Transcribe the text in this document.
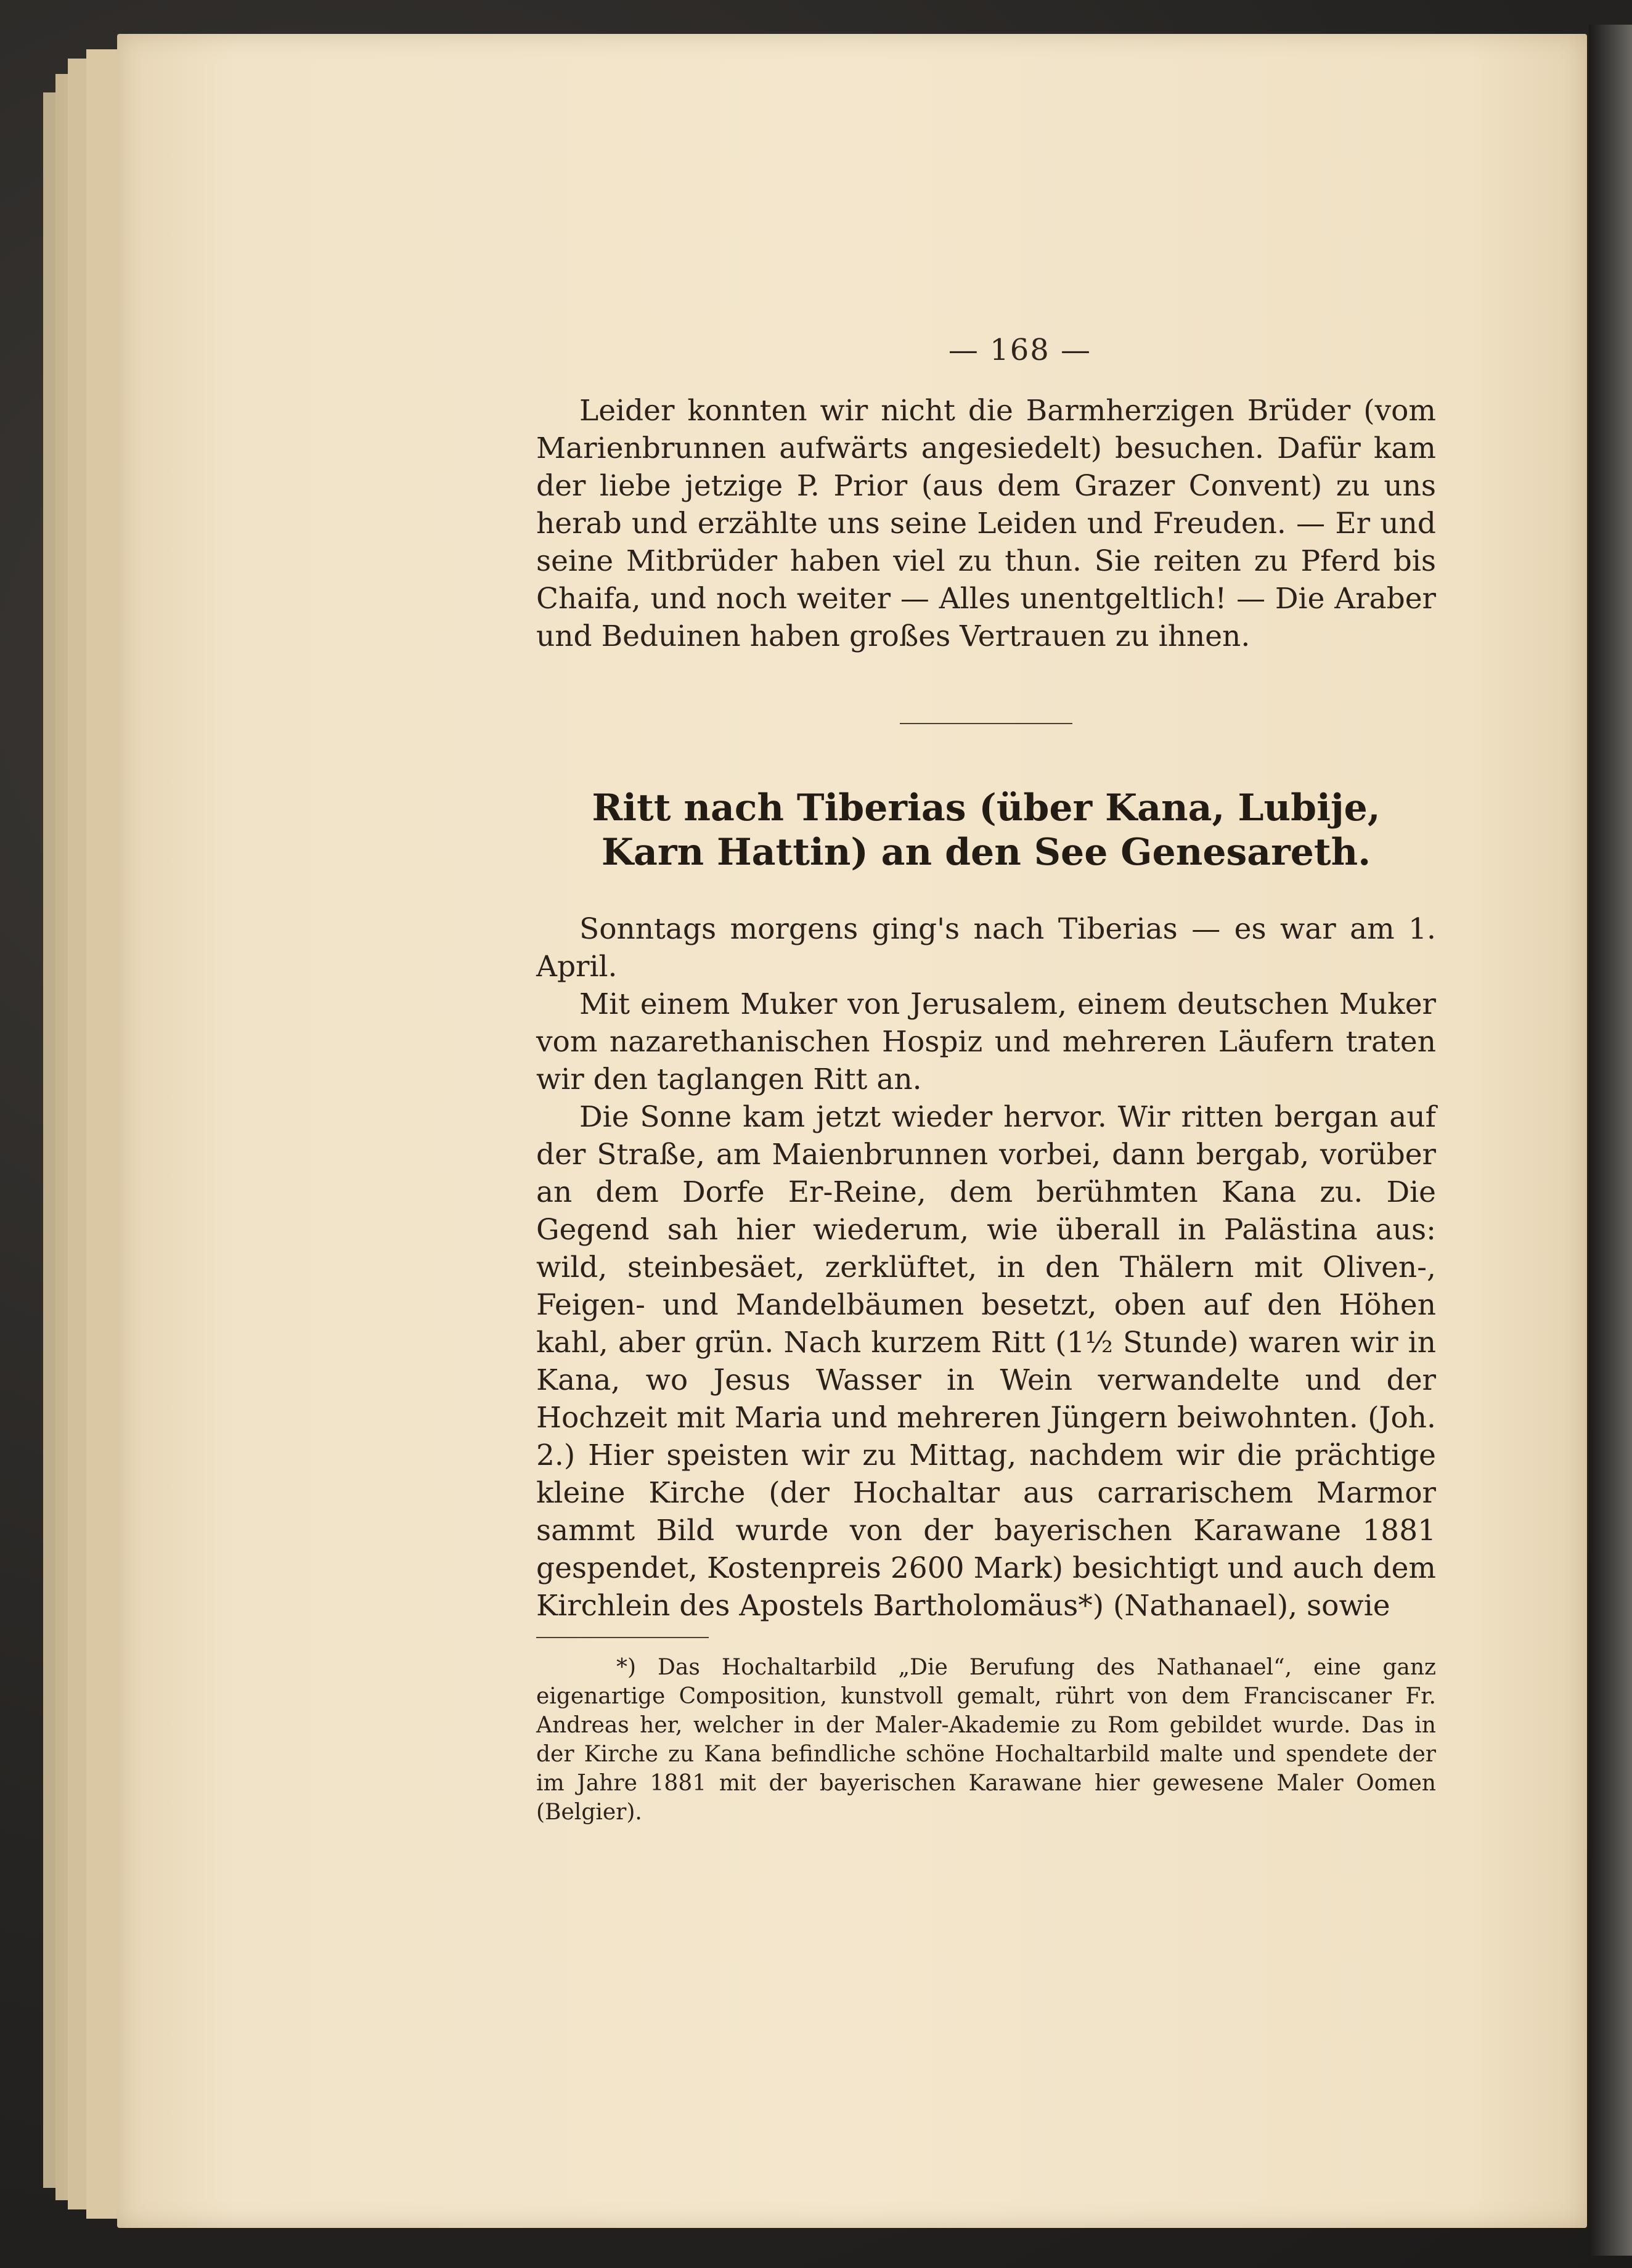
— 168 —

Leider konnten wir nicht die Barmherzigen Brüder (vom Marienbrunnen aufwärts angesiedelt) besuchen. Dafür kam der liebe jetzige P. Prior (aus dem Grazer Convent) zu uns herab und erzählte uns seine Leiden und Freuden. — Er und seine Mitbrüder haben viel zu thun. Sie reiten zu Pferd bis Chaifa, und noch weiter — Alles unentgeltlich! — Die Araber und Beduinen haben großes Vertrauen zu ihnen.

Ritt nach Tiberias (über Kana, Lubije, Karn Hattin) an den See Genesareth.

Sonntags morgens ging's nach Tiberias — es war am 1. April.

Mit einem Muker von Jerusalem, einem deutschen Muker vom nazarethanischen Hospiz und mehreren Läufern traten wir den taglangen Ritt an.

Die Sonne kam jetzt wieder hervor. Wir ritten bergan auf der Straße, am Maienbrunnen vorbei, dann bergab, vorüber an dem Dorfe Er-Reine, dem berühmten Kana zu. Die Gegend sah hier wiederum, wie überall in Palästina aus: wild, steinbesäet, zerklüftet, in den Thälern mit Oliven-, Feigen- und Mandelbäumen besetzt, oben auf den Höhen kahl, aber grün. Nach kurzem Ritt (1½ Stunde) waren wir in Kana, wo Jesus Wasser in Wein verwandelte und der Hochzeit mit Maria und mehreren Jüngern beiwohnten. (Joh. 2.) Hier speisten wir zu Mittag, nachdem wir die prächtige kleine Kirche (der Hochaltar aus carrarischem Marmor sammt Bild wurde von der bayerischen Karawane 1881 gespendet, Kostenpreis 2600 Mark) besichtigt und auch dem Kirchlein des Apostels Bartholomäus*) (Nathanael), sowie

*) Das Hochaltarbild „Die Berufung des Nathanael“, eine ganz eigenartige Composition, kunstvoll gemalt, rührt von dem Franciscaner Fr. Andreas her, welcher in der Maler-Akademie zu Rom gebildet wurde. Das in der Kirche zu Kana befindliche schöne Hochaltarbild malte und spendete der im Jahre 1881 mit der bayerischen Karawane hier gewesene Maler Oomen (Belgier).
